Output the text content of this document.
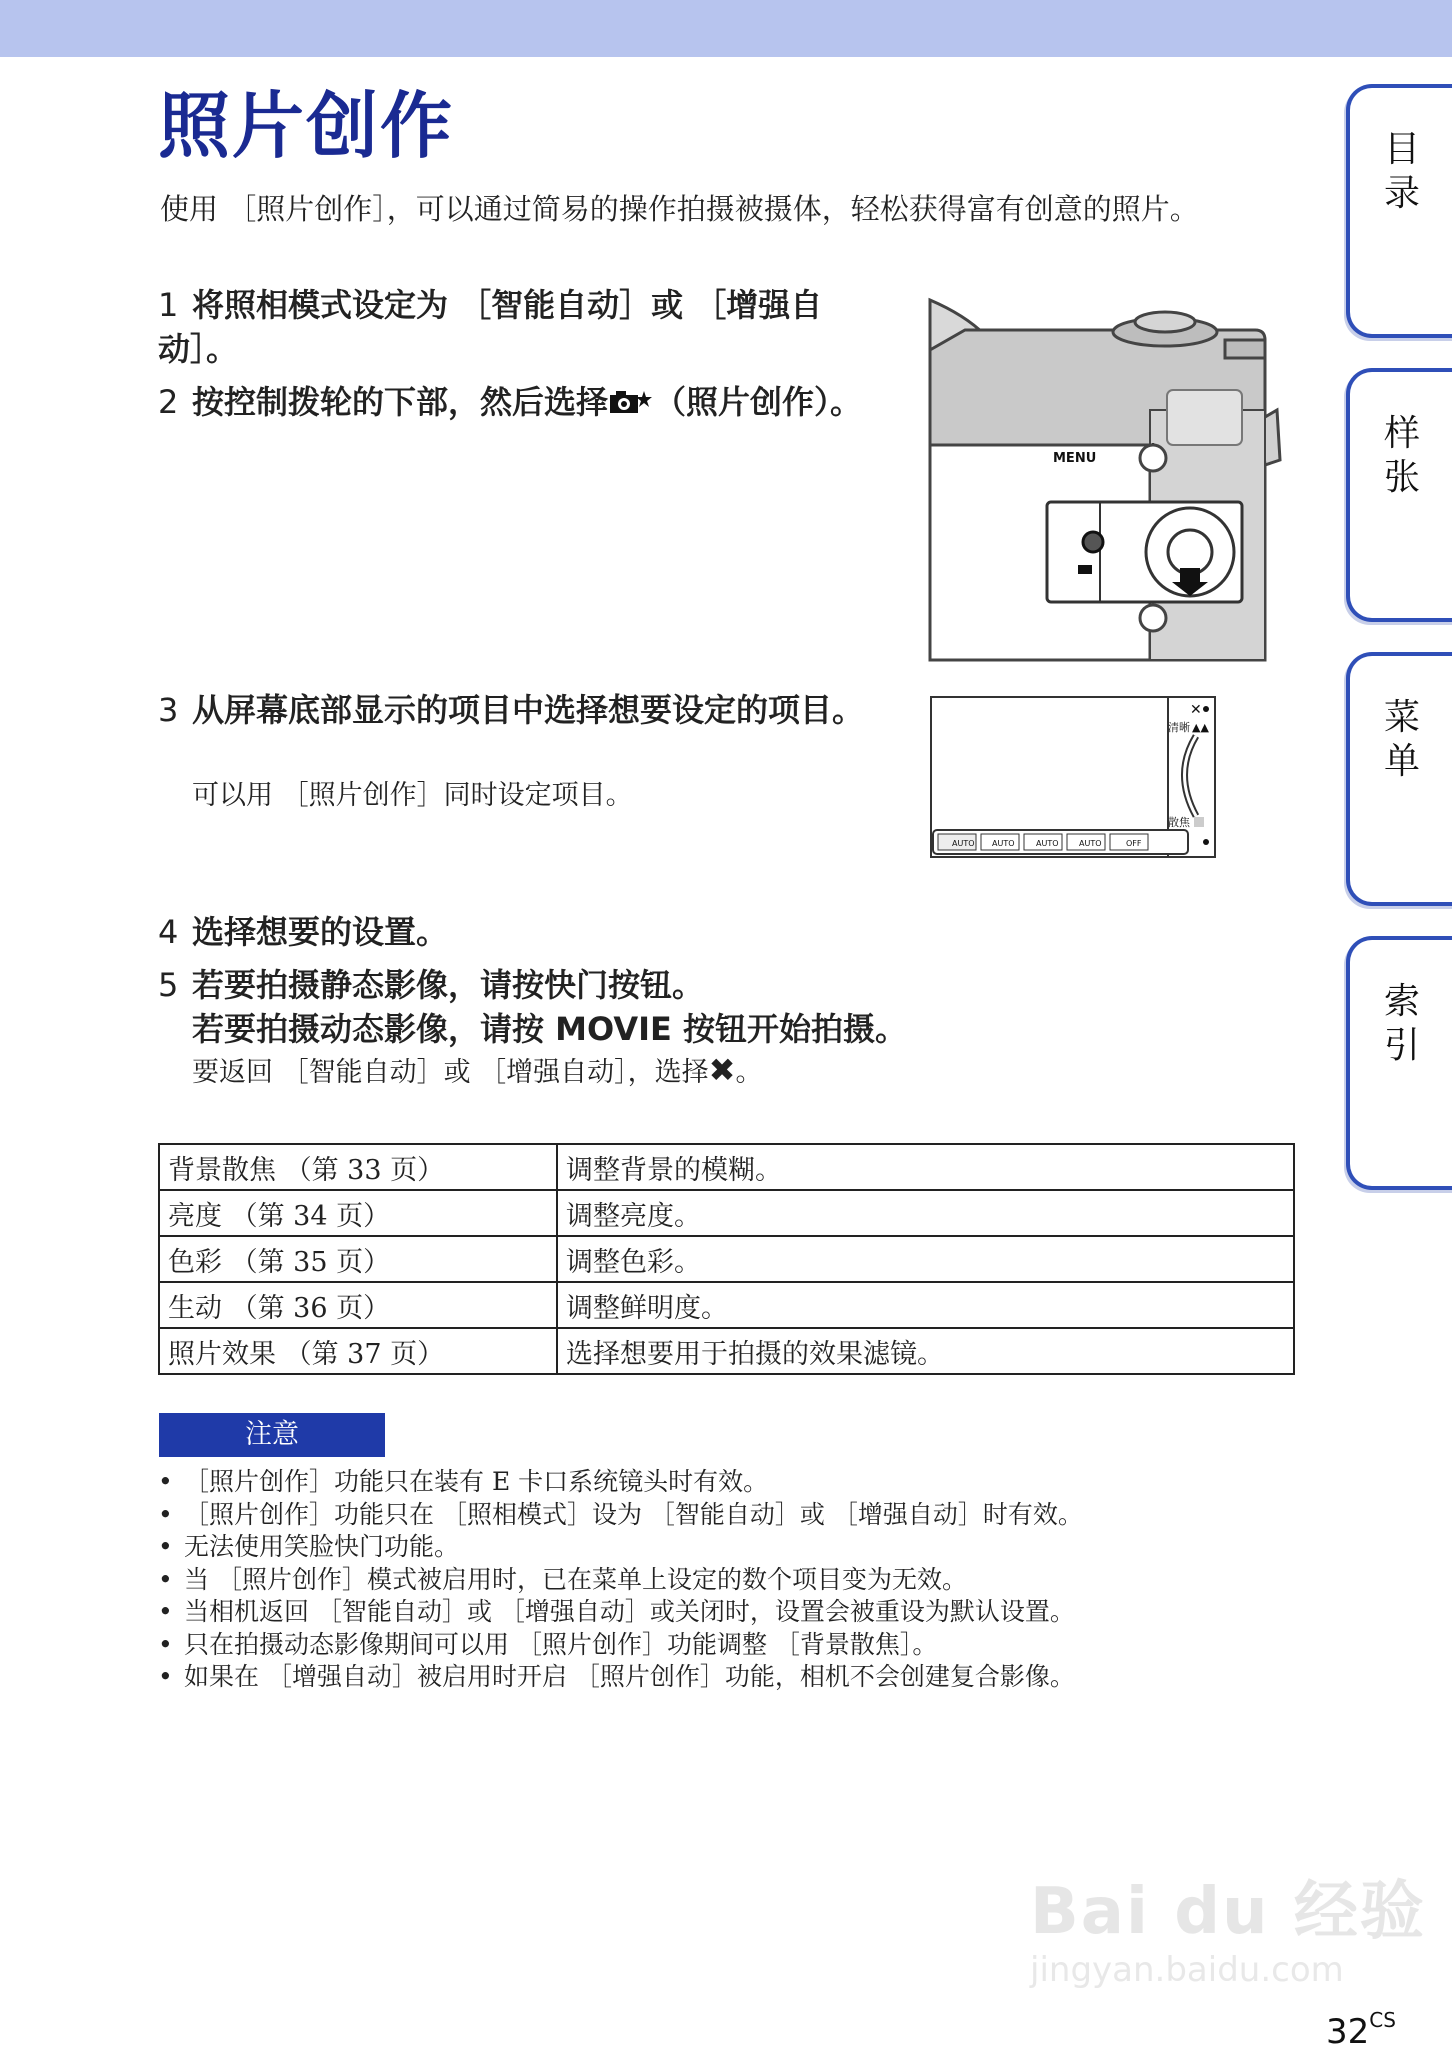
照片创作
使用 ［照片创作］，可以通过简易的操作拍摄被摄体，轻松获得富有创意的照片。
1 将照相模式设定为 ［智能自动］或 ［增强自动］。
2 按控制拨轮的下部，然后选择 （照片创作）。
MENU
3 从屏幕底部显示的项目中选择想要设定的项目。
可以用 ［照片创作］同时设定项目。
✕
清晰 ▲▲
散焦
AUTO AUTO	AUTO	AUTO	OFF
4 选择想要的设置。
5 若要拍摄静态影像，请按快门按钮。
若要拍摄动态影像，请按 MOVIE 按钮开始拍摄。
要返回 ［智能自动］或 ［增强自动］，选择✖。
背景散焦 （第 33 页）	调整背景的模糊。
亮度 （第 34 页）	调整亮度。
色彩 （第 35 页）	调整色彩。
生动 （第 36 页）	调整鲜明度。
照片效果 （第 37 页）	选择想要用于拍摄的效果滤镜。
注意
• ［照片创作］功能只在装有 E 卡口系统镜头时有效。
• ［照片创作］功能只在 ［照相模式］设为 ［智能自动］或 ［增强自动］时有效。
• 无法使用笑脸快门功能。
• 当 ［照片创作］模式被启用时，已在菜单上设定的数个项目变为无效。
• 当相机返回 ［智能自动］或 ［增强自动］或关闭时，设置会被重设为默认设置。
• 只在拍摄动态影像期间可以用 ［照片创作］功能调整 ［背景散焦］。
• 如果在 ［增强自动］被启用时开启 ［照片创作］功能，相机不会创建复合影像。
目录
样张
菜单
索引
Bai du 经验
jingyan.baidu.com
$32^{CS}$
